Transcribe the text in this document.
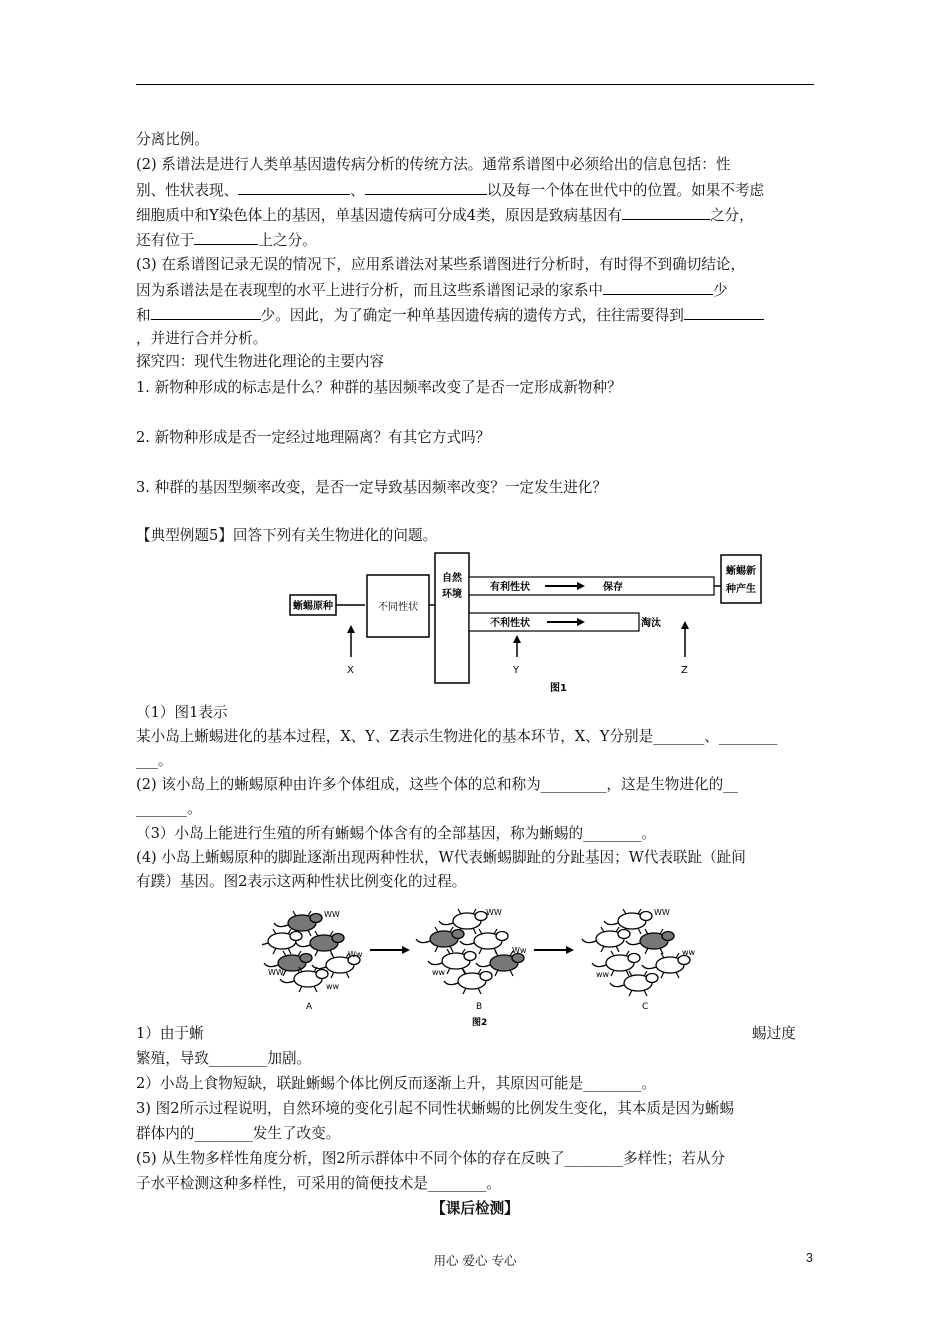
分离比例。
(2) 系谱法是进行人类单基因遗传病分析的传统方法。通常系谱图中必须给出的信息包括：性
别、性状表现、	、	以及每一个体在世代中的位置。如果不考虑
细胞质中和Y染色体上的基因，单基因遗传病可分成4类，原因是致病基因有	之分，
还有位于	上之分。
(3) 在系谱图记录无误的情况下，应用系谱法对某些系谱图进行分析时，有时得不到确切结论，
因为系谱法是在表现型的水平上进行分析，而且这些系谱图记录的家系中	少
和	少。因此，为了确定一种单基因遗传病的遗传方式，往往需要得到
，并进行合并分析。
探究四：现代生物进化理论的主要内容
1. 新物种形成的标志是什么？种群的基因频率改变了是否一定形成新物种？
2. 新物种形成是否一定经过地理隔离？有其它方式吗？
3. 种群的基因型频率改变，是否一定导致基因频率改变？一定发生进化？
【典型例题5】回答下列有关生物进化的问题。
蜥蜴原种	不同性状
自然
环境
有利性状	保存
蜥蜴新
种产生
不利性状	淘汰
X	Y	Z
图1
（1）图1表示
某小岛上蜥蜴进化的基本过程，X、Y、Z表示生物进化的基本环节，X、Y分别是_______、________
___。
(2) 该小岛上的蜥蜴原种由许多个体组成，这些个体的总和称为_________，这是生物进化的__
_______。
（3）小岛上能进行生殖的所有蜥蜴个体含有的全部基因，称为蜥蜴的________。
(4) 小岛上蜥蜴原种的脚趾逐渐出现两种性状，W代表蜥蜴脚趾的分趾基因；W代表联趾（趾间
有蹼）基因。图2表示这两种性状比例变化的过程。
WW
Ww
WW
ww
WW
Ww
ww
WW
ww
ww
A	B	C
图2
1）由于蜥	蜴过度
繁殖，导致________加剧。
2）小岛上食物短缺，联趾蜥蜴个体比例反而逐渐上升，其原因可能是________。
3) 图2所示过程说明，自然环境的变化引起不同性状蜥蜴的比例发生变化，其本质是因为蜥蜴
群体内的________发生了改变。
(5) 从生物多样性角度分析，图2所示群体中不同个体的存在反映了________多样性；若从分
子水平检测这种多样性，可采用的简便技术是________。
【课后检测】
用心 爱心 专心	3
